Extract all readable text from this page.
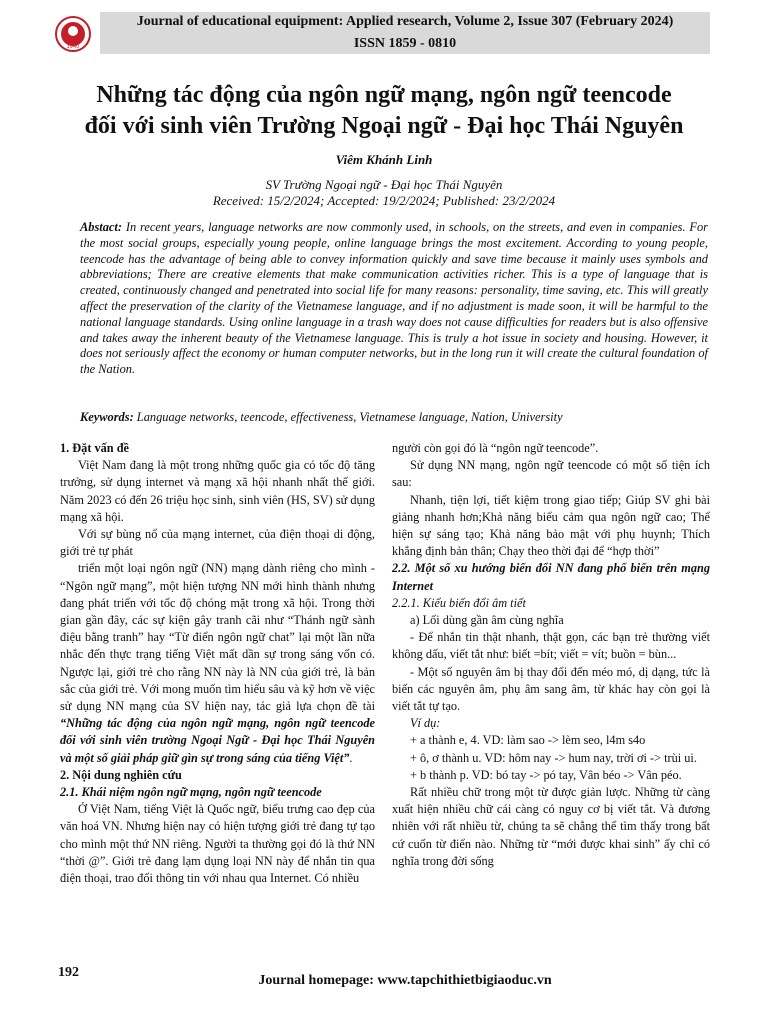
1940
Journal of educational equipment: Applied research, Volume 2, Issue 307 (February 2024)
ISSN 1859 - 0810
Những tác động của ngôn ngữ mạng, ngôn ngữ teencode
đối với sinh viên Trường Ngoại ngữ - Đại học Thái Nguyên
Viêm Khánh Linh
SV Trường Ngoại ngữ - Đại học Thái Nguyên
Received: 15/2/2024; Accepted: 19/2/2024; Published: 23/2/2024
Abstact: In recent years, language networks are now commonly used, in schools, on the streets, and even in companies. For the most social groups, especially young people, online language brings the most excitement. According to young people, teencode has the advantage of being able to convey information quickly and save time because it mainly uses symbols and abbreviations; There are creative elements that make communication activities richer. This is a type of language that is created, continuously changed and penetrated into social life for many reasons: personality, time saving, etc. This will greatly affect the preservation of the clarity of the Vietnamese language, and if no adjustment is made soon, it will be harmful to the national language standards. Using online language in a trash way does not cause difficulties for readers but is also offensive and takes away the inherent beauty of the Vietnamese language. This is truly a hot issue in society and housing. However, it does not seriously affect the economy or human computer networks, but in the long run it will create the cultural foundation of the Nation.
Keywords: Language networks, teencode, effectiveness, Vietnamese language, Nation, University

1. Đặt vấn đề

Việt Nam đang là một trong những quốc gia có tốc độ tăng trưởng, sử dụng internet và mạng xã hội nhanh nhất thế giới. Năm 2023 có đến 26 triệu học sinh, sinh viên (HS, SV) sử dụng mạng xã hội.

Với sự bùng nổ của mạng internet, của điện thoại di động, giới trẻ tự phát

triển một loại ngôn ngữ (NN) mạng dành riêng cho mình - “Ngôn ngữ mạng”, một hiện tượng NN mới hình thành nhưng đang phát triển với tốc độ chóng mặt trong xã hội. Trong thời gian gần đây, các sự kiện gây tranh cãi như “Thánh ngữ sành điệu bằng tranh” hay “Từ điển ngôn ngữ chat” lại một lần nữa nhắc đến thực trạng tiếng Việt mất dần sự trong sáng vốn có. Ngược lại, giới trẻ cho rằng NN này là NN của giới trẻ, là bản sắc của giới trẻ. Với mong muốn tìm hiểu sâu và kỹ hơn về việc sử dụng NN mạng của SV hiện nay, tác giả lựa chọn đề tài “Những tác động của ngôn ngữ mạng, ngôn ngữ teencode đối với sinh viên trường Ngoại Ngữ - Đại học Thái Nguyên và một số giải pháp giữ gìn sự trong sáng của tiếng Việt”.

2. Nội dung nghiên cứu

2.1. Khái niệm ngôn ngữ mạng, ngôn ngữ teencode

Ở Việt Nam, tiếng Việt là Quốc ngữ, biểu trưng cao đẹp của văn hoá VN. Nhưng hiện nay có hiện tượng giới trẻ đang tự tạo cho mình một thứ NN riêng. Người ta thường gọi đó là thứ NN “thời @”. Giới trẻ đang lạm dụng loại NN này để nhắn tin qua điện thoại, trao đổi thông tin với nhau qua Internet. Có nhiều

người còn gọi đó là “ngôn ngữ teencode”.

Sử dụng NN mạng, ngôn ngữ teencode có một số tiện ích sau:

Nhanh, tiện lợi, tiết kiệm trong giao tiếp; Giúp SV ghi bài giảng nhanh hơn;Khả năng biểu cảm qua ngôn ngữ cao; Thể hiện sự sáng tạo; Khả năng bảo mật với phụ huynh; Thích khẳng định bản thân; Chạy theo thời đại để “hợp thời”

2.2. Một số xu hướng biến đổi NN đang phổ biến trên mạng Internet

2.2.1. Kiểu biến đổi âm tiết

a) Lối dùng gần âm cùng nghĩa

- Để nhắn tin thật nhanh, thật gọn, các bạn trẻ thường viết không dấu, viết tắt như: biết =bít; viết = vít; buồn = bùn...

- Một số nguyên âm bị thay đổi đến méo mó, dị dạng, tức là biến các nguyên âm, phụ âm sang âm, từ khác hay còn gọi là viết tắt tự tạo.

Ví dụ:

+ a thành e, 4. VD: làm sao -> lèm seo, l4m s4o

+ ô, ơ thành u. VD: hôm nay -> hum nay, trời ơi -> trùi ui.

+ b thành p. VD: bó tay -> pó tay, Vân béo -> Vân péo.

Rất nhiều chữ trong một từ được giản lược. Những từ càng xuất hiện nhiều chữ cái càng có nguy cơ bị viết tắt. Và đương nhiên với rất nhiều từ, chúng ta sẽ chẳng thể tìm thấy trong bất cứ cuốn từ điển nào. Những từ “mới được khai sinh” ấy chỉ có nghĩa trong đời sống

192
Journal homepage: www.tapchithietbigiaoduc.vn
